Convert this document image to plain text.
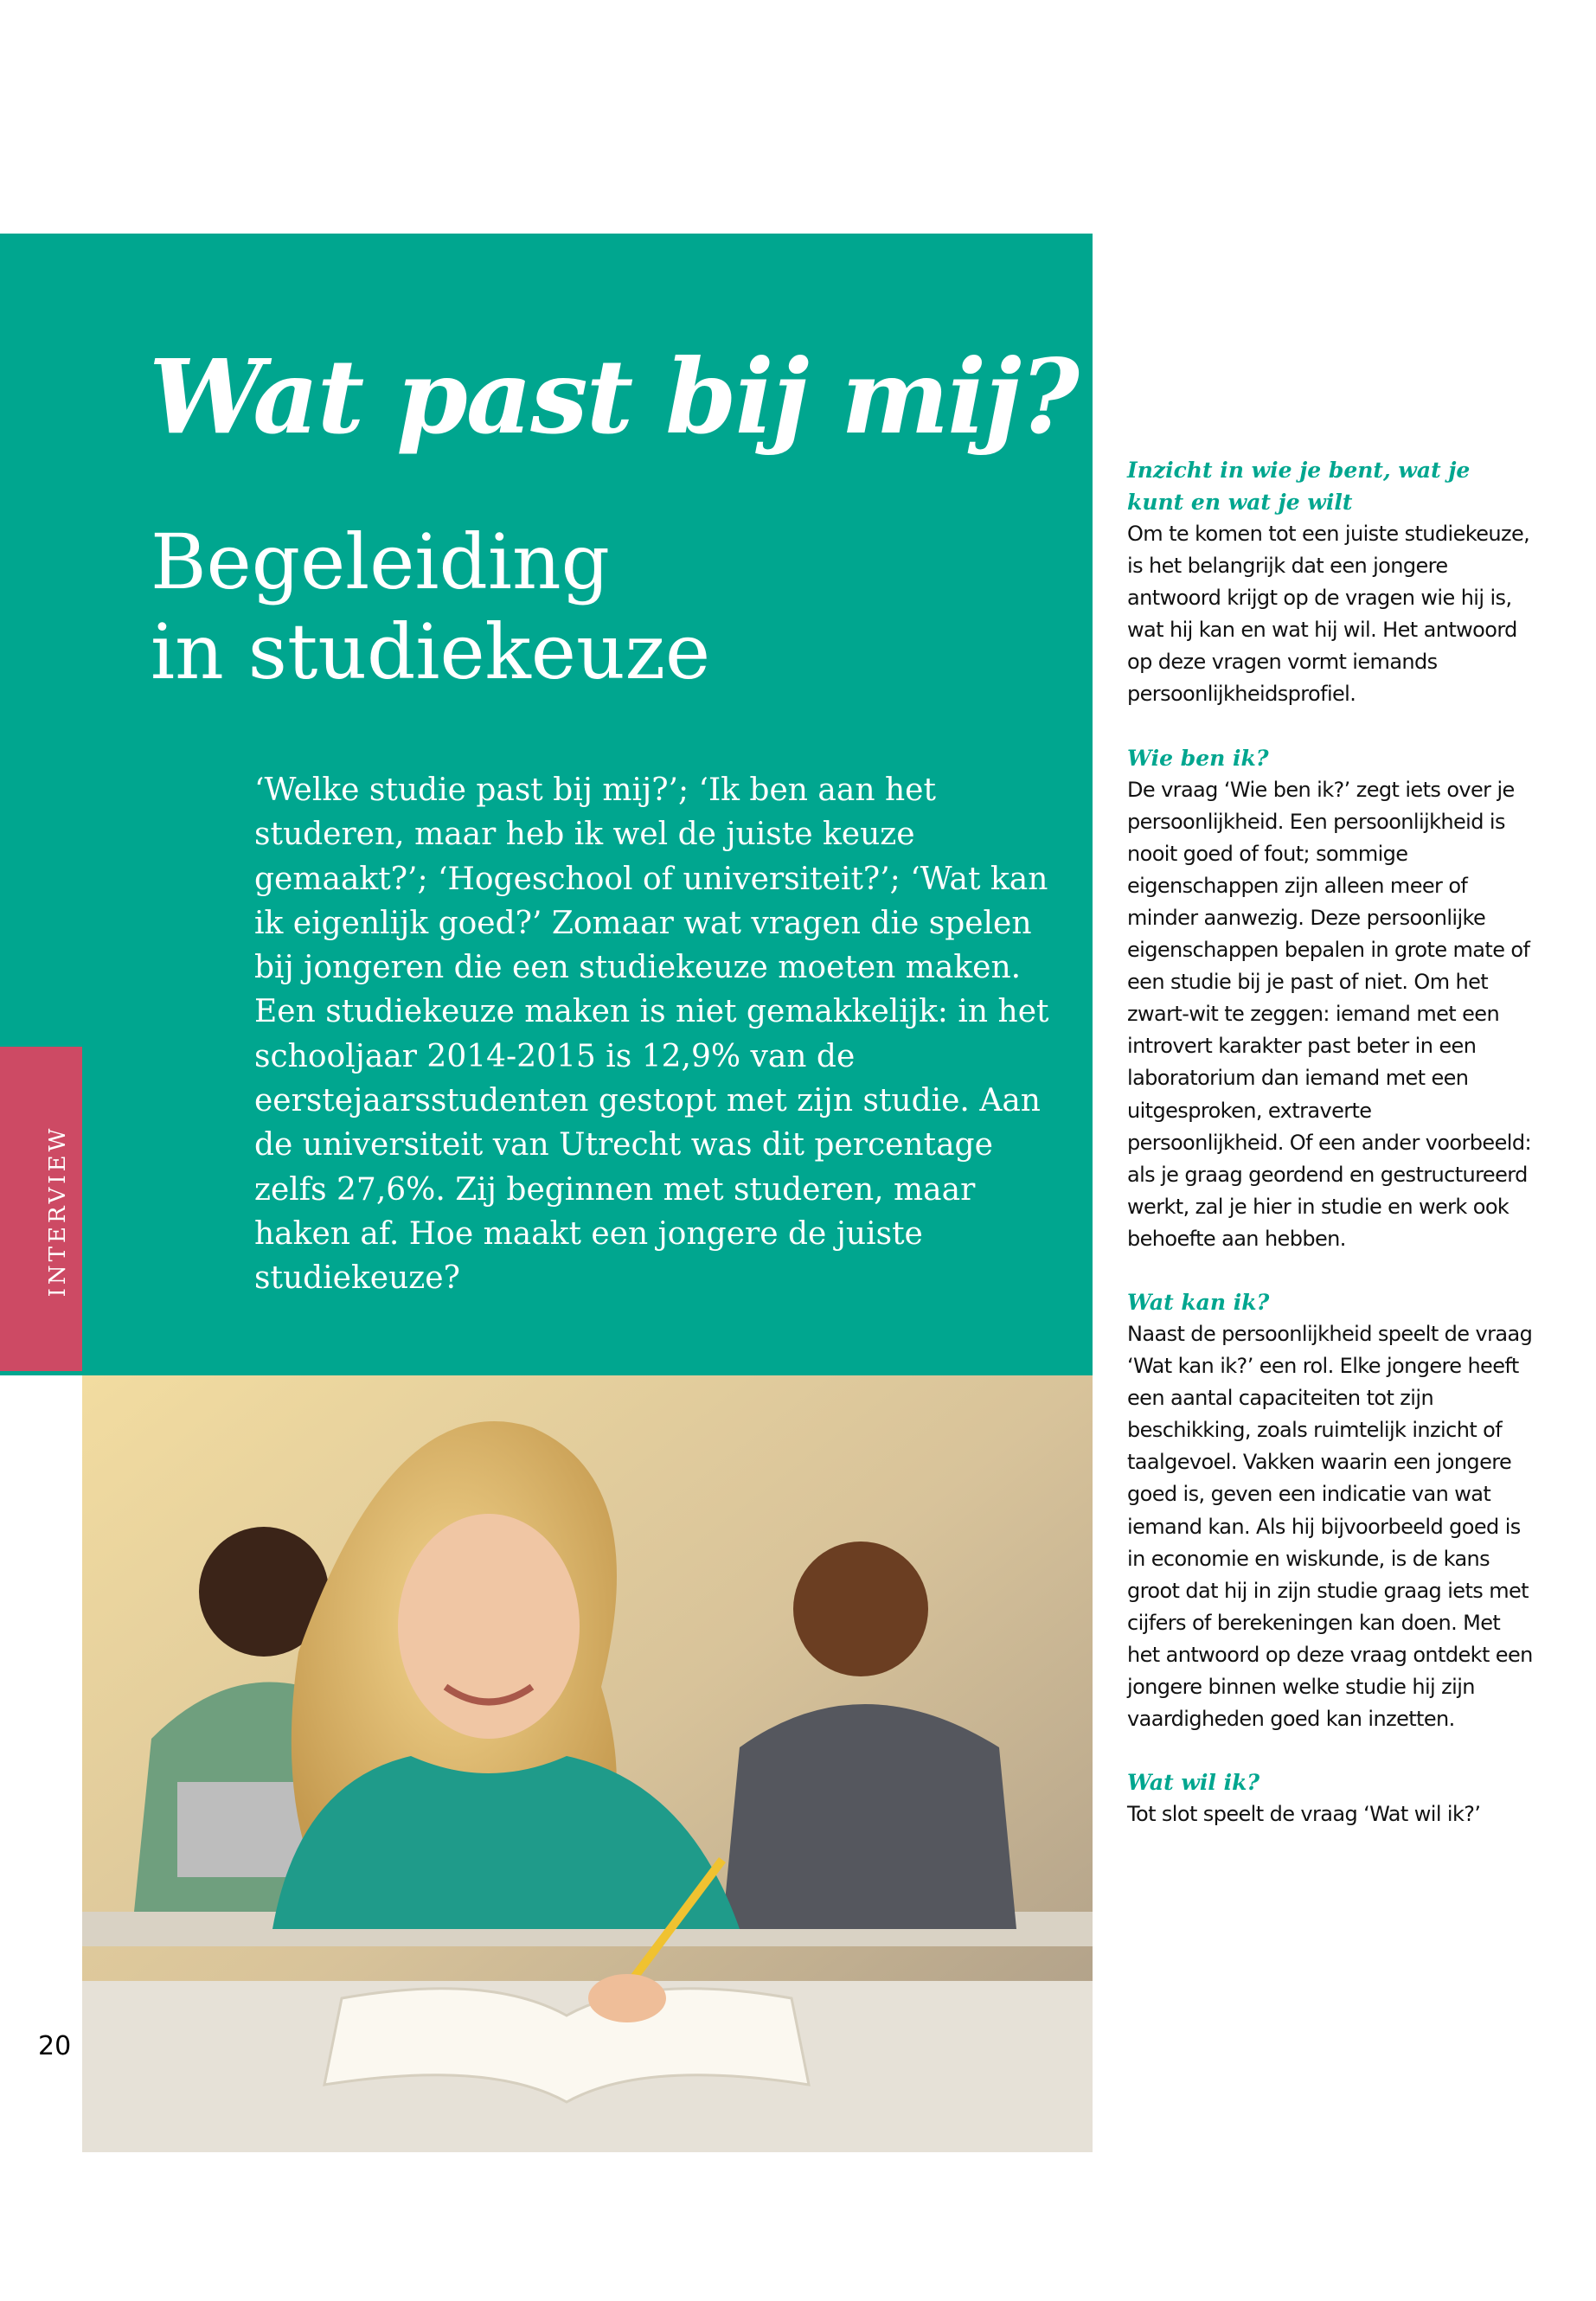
Wat past bij mij?
Begeleiding
in studiekeuze

‘Welke studie past bij mij?’; ‘Ik ben aan het studeren, maar heb ik wel de juiste keuze gemaakt?’; ‘Hogeschool of universiteit?’; ‘Wat kan ik eigenlijk goed?’ Zomaar wat vragen die spelen bij jongeren die een studiekeuze moeten maken. Een studiekeuze maken is niet gemakkelijk: in het schooljaar 2014-2015 is 12,9% van de eerstejaarsstudenten gestopt met zijn studie. Aan de universiteit van Utrecht was dit percentage zelfs 27,6%. Zij beginnen met studeren, maar haken af. Hoe maakt een jongere de juiste studiekeuze?

INTERVIEW
20
Inzicht in wie je bent, wat je kunt en wat je wilt

Om te komen tot een juiste studiekeuze, is het belangrijk dat een jongere antwoord krijgt op de vragen wie hij is, wat hij kan en wat hij wil. Het antwoord op deze vragen vormt iemands persoonlijkheidsprofiel.

Wie ben ik?

De vraag ‘Wie ben ik?’ zegt iets over je persoonlijkheid. Een persoonlijkheid is nooit goed of fout; sommige eigenschappen zijn alleen meer of minder aanwezig. Deze persoonlijke eigenschappen bepalen in grote mate of een studie bij je past of niet. Om het zwart-wit te zeggen: iemand met een introvert karakter past beter in een laboratorium dan iemand met een uitgesproken, extraverte persoonlijkheid. Of een ander voorbeeld: als je graag geordend en gestructureerd werkt, zal je hier in studie en werk ook behoefte aan hebben.

Wat kan ik?

Naast de persoonlijkheid speelt de vraag ‘Wat kan ik?’ een rol. Elke jongere heeft een aantal capaciteiten tot zijn beschikking, zoals ruimtelijk inzicht of taalgevoel. Vakken waarin een jongere goed is, geven een indicatie van wat iemand kan. Als hij bijvoorbeeld goed is in economie en wiskunde, is de kans groot dat hij in zijn studie graag iets met cijfers of berekeningen kan doen. Met het antwoord op deze vraag ontdekt een jongere binnen welke studie hij zijn vaardigheden goed kan inzetten.

Wat wil ik?

Tot slot speelt de vraag ‘Wat wil ik?’
